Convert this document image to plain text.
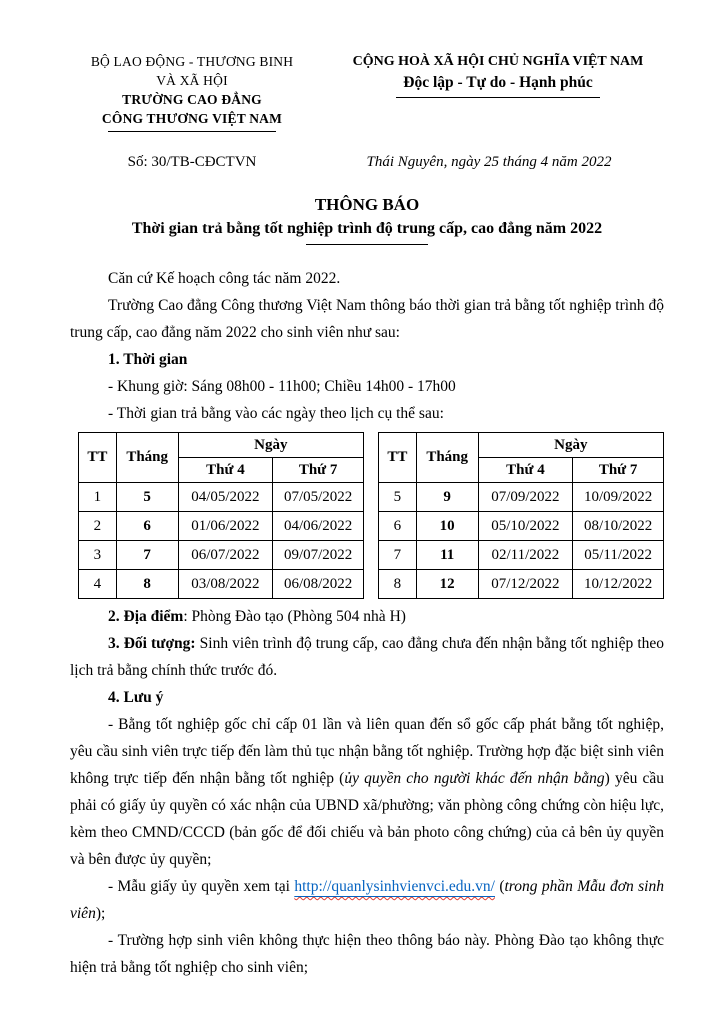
BỘ LAO ĐỘNG - THƯƠNG BINH
VÀ XÃ HỘI
TRƯỜNG CAO ĐẲNG
CÔNG THƯƠNG VIỆT NAM
CỘNG HOÀ XÃ HỘI CHỦ NGHĨA VIỆT NAM
Độc lập - Tự do - Hạnh phúc
Số: 30/TB-CĐCTVN	Thái Nguyên, ngày 25 tháng 4 năm 2022
THÔNG BÁO
Thời gian trả bằng tốt nghiệp trình độ trung cấp, cao đẳng năm 2022

Căn cứ Kế hoạch công tác năm 2022.

Trường Cao đẳng Công thương Việt Nam thông báo thời gian trả bằng tốt nghiệp trình độ trung cấp, cao đẳng năm 2022 cho sinh viên như sau:

1. Thời gian

- Khung giờ: Sáng 08h00 - 11h00; Chiều 14h00 - 17h00

- Thời gian trả bằng vào các ngày theo lịch cụ thể sau:

TT	Tháng	Ngày	
		Thứ 4	Thứ 7
1	5	04/05/2022	07/05/2022
2	6	01/06/2022	04/06/2022
3	7	06/07/2022	09/07/2022
4	8	03/08/2022	06/08/2022
TT	Tháng	Ngày	
		Thứ 4	Thứ 7
5	9	07/09/2022	10/09/2022
6	10	05/10/2022	08/10/2022
7	11	02/11/2022	05/11/2022
8	12	07/12/2022	10/12/2022

2. Địa điểm: Phòng Đào tạo (Phòng 504 nhà H)

3. Đối tượng: Sinh viên trình độ trung cấp, cao đẳng chưa đến nhận bằng tốt nghiệp theo lịch trả bằng chính thức trước đó.

4. Lưu ý

- Bằng tốt nghiệp gốc chỉ cấp 01 lần và liên quan đến sổ gốc cấp phát bằng tốt nghiệp, yêu cầu sinh viên trực tiếp đến làm thủ tục nhận bằng tốt nghiệp. Trường hợp đặc biệt sinh viên không trực tiếp đến nhận bằng tốt nghiệp (ủy quyền cho người khác đến nhận bằng) yêu cầu phải có giấy ủy quyền có xác nhận của UBND xã/phường; văn phòng công chứng còn hiệu lực, kèm theo CMND/CCCD (bản gốc để đối chiếu và bản photo công chứng) của cả bên ủy quyền và bên được ủy quyền;

- Mẫu giấy ủy quyền xem tại http://quanlysinhvienvci.edu.vn/ (trong phần Mẫu đơn sinh viên);

- Trường hợp sinh viên không thực hiện theo thông báo này. Phòng Đào tạo không thực hiện trả bằng tốt nghiệp cho sinh viên;
